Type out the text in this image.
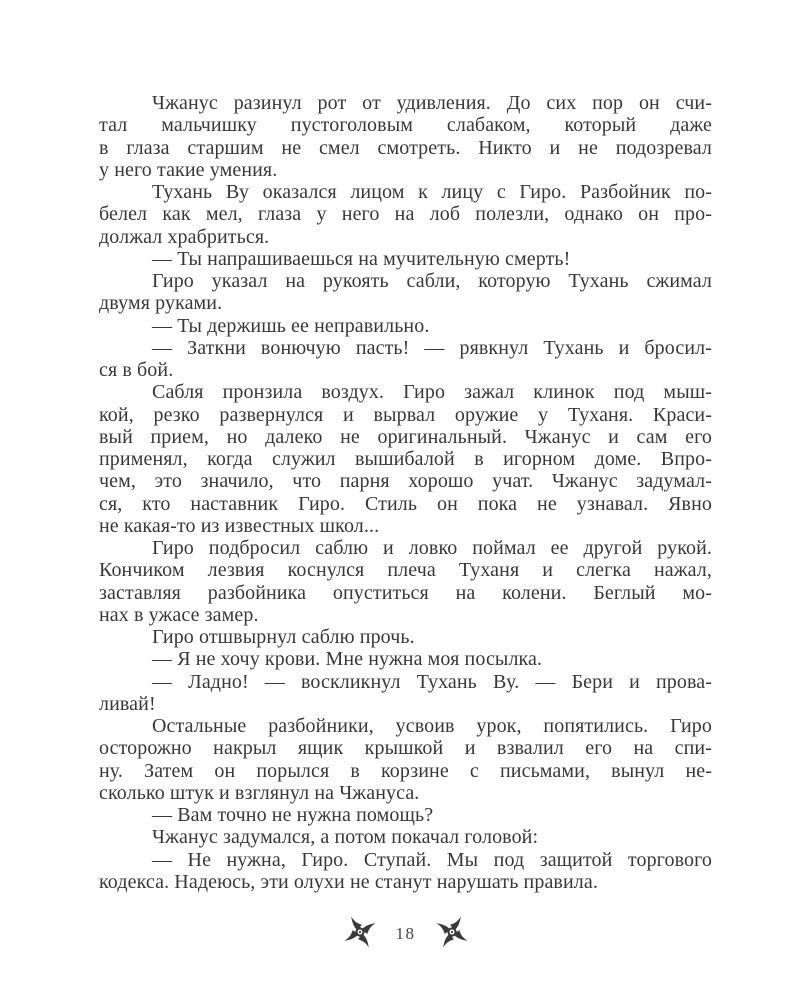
Чжанус разинул рот от удивления. До сих пор он счи-
тал мальчишку пустоголовым слабаком, который даже
в глаза старшим не смел смотреть. Никто и не подозревал
у него такие умения.
Тухань Ву оказался лицом к лицу с Гиро. Разбойник по-
белел как мел, глаза у него на лоб полезли, однако он про-
должал храбриться.
— Ты напрашиваешься на мучительную смерть!
Гиро указал на рукоять сабли, которую Тухань сжимал
двумя руками.
— Ты держишь ее неправильно.
— Заткни вонючую пасть! — рявкнул Тухань и бросил-
ся в бой.
Сабля пронзила воздух. Гиро зажал клинок под мыш-
кой, резко развернулся и вырвал оружие у Туханя. Краси-
вый прием, но далеко не оригинальный. Чжанус и сам его
применял, когда служил вышибалой в игорном доме. Впро-
чем, это значило, что парня хорошо учат. Чжанус задумал-
ся, кто наставник Гиро. Стиль он пока не узнавал. Явно
не какая-то из известных школ...
Гиро подбросил саблю и ловко поймал ее другой рукой.
Кончиком лезвия коснулся плеча Туханя и слегка нажал,
заставляя разбойника опуститься на колени. Беглый мо-
нах в ужасе замер.
Гиро отшвырнул саблю прочь.
— Я не хочу крови. Мне нужна моя посылка.
— Ладно! — воскликнул Тухань Ву. — Бери и прова-
ливай!
Остальные разбойники, усвоив урок, попятились. Гиро
осторожно накрыл ящик крышкой и взвалил его на спи-
ну. Затем он порылся в корзине с письмами, вынул не-
сколько штук и взглянул на Чжануса.
— Вам точно не нужна помощь?
Чжанус задумался, а потом покачал головой:
— Не нужна, Гиро. Ступай. Мы под защитой торгового
кодекса. Надеюсь, эти олухи не станут нарушать правила.
18
